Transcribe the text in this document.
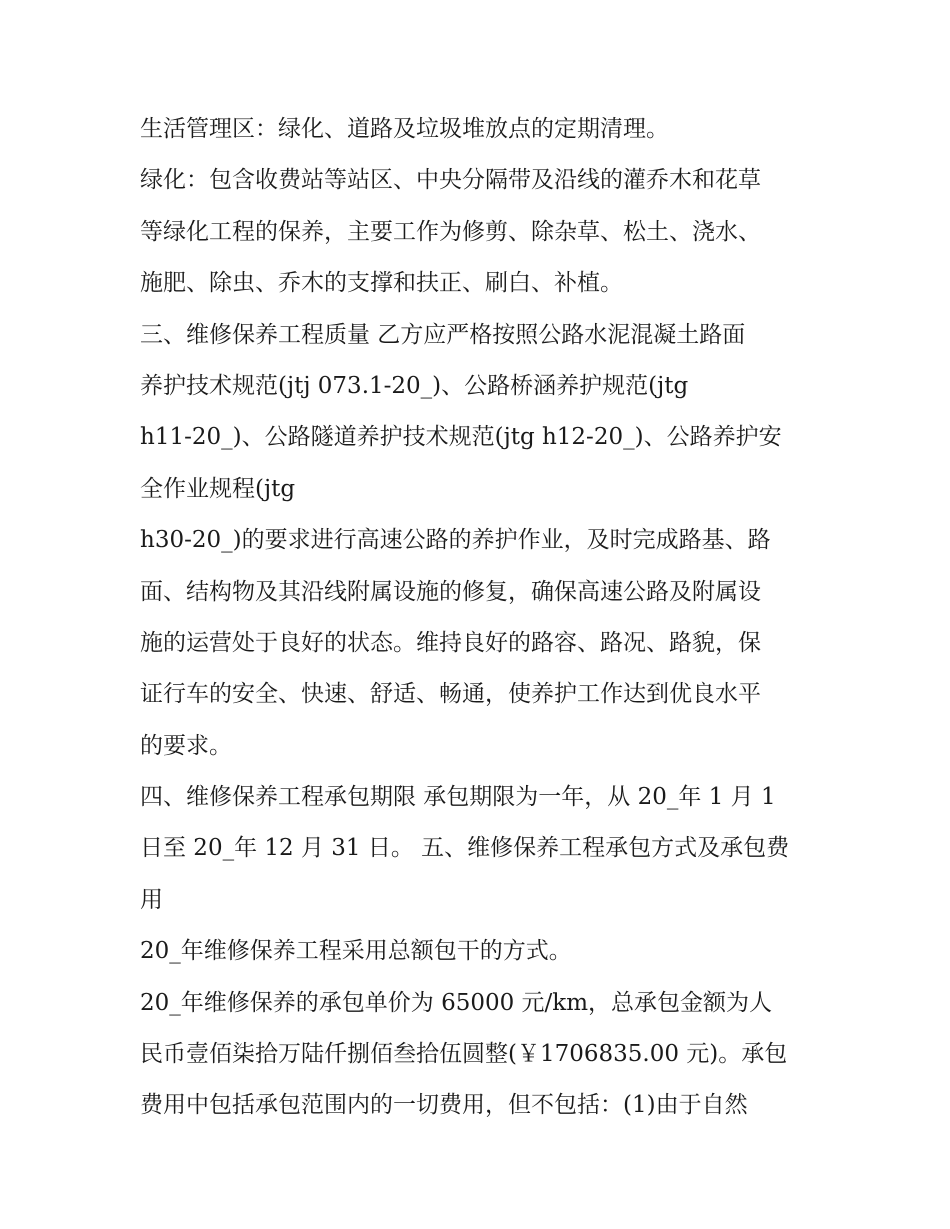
生活管理区：绿化、道路及垃圾堆放点的定期清理。
绿化：包含收费站等站区、中央分隔带及沿线的灌乔木和花草
等绿化工程的保养，主要工作为修剪、除杂草、松土、浇水、
施肥、除虫、乔木的支撑和扶正、刷白、补植。
三、维修保养工程质量 乙方应严格按照公路水泥混凝土路面
养护技术规范(jtj 073.1-20_)、公路桥涵养护规范(jtg
h11-20_)、公路隧道养护技术规范(jtg h12-20_)、公路养护安
全作业规程(jtg
h30-20_)的要求进行高速公路的养护作业，及时完成路基、路
面、结构物及其沿线附属设施的修复，确保高速公路及附属设
施的运营处于良好的状态。维持良好的路容、路况、路貌，保
证行车的安全、快速、舒适、畅通，使养护工作达到优良水平
的要求。
四、维修保养工程承包期限 承包期限为一年，从 20_年 1 月 1
日至 20_年 12 月 31 日。 五、维修保养工程承包方式及承包费
用
20_年维修保养工程采用总额包干的方式。
20_年维修保养的承包单价为 65000 元/km，总承包金额为人
民币壹佰柒拾万陆仟捌佰叁拾伍圆整(￥1706835.00 元)。承包
费用中包括承包范围内的一切费用，但不包括：(1)由于自然
